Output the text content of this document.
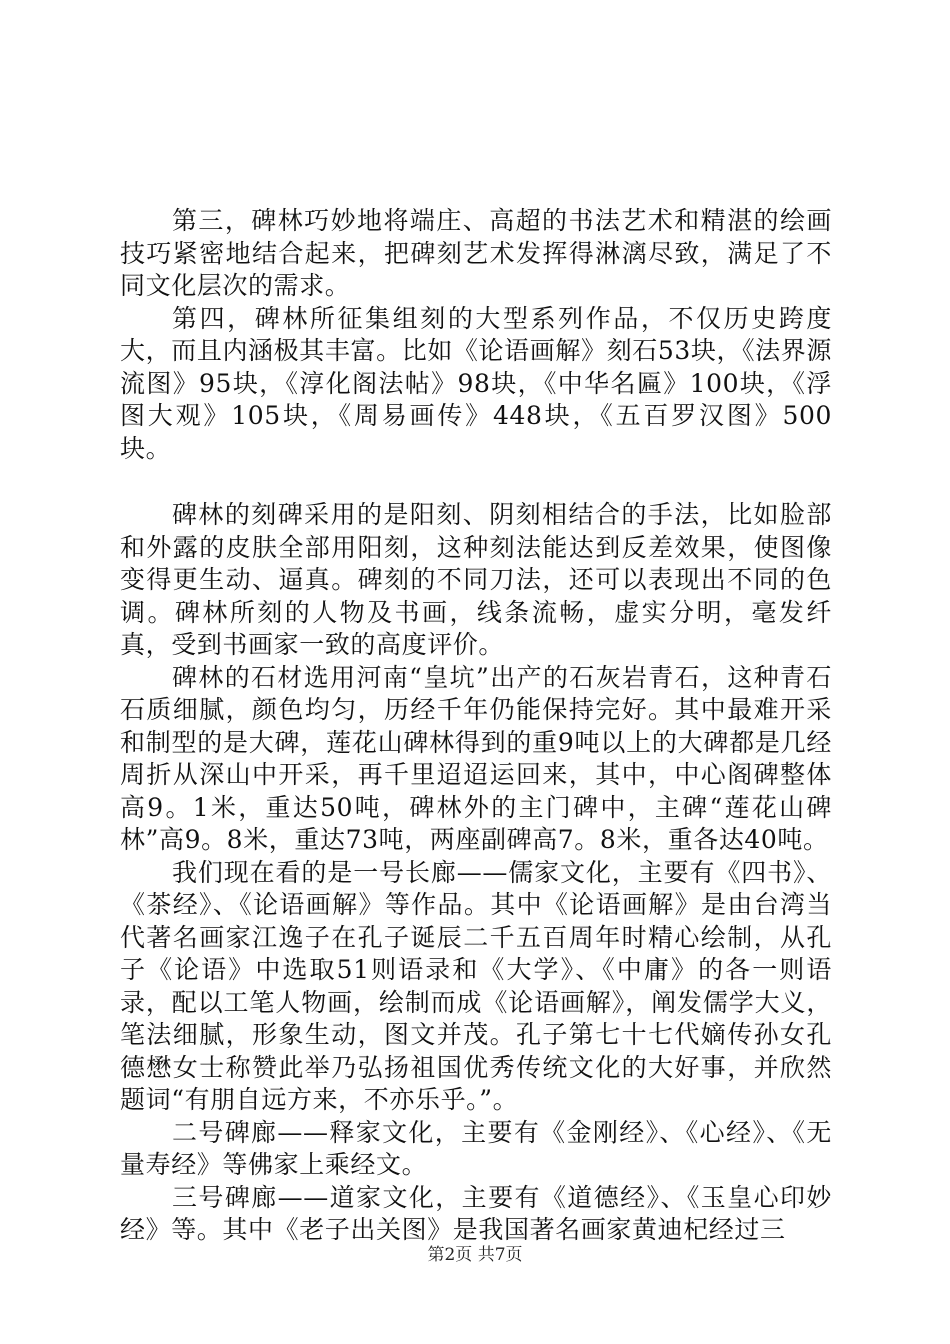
第三，碑林巧妙地将端庄、高超的书法艺术和精湛的绘画技巧紧密地结合起来，把碑刻艺术发挥得淋漓尽致，满足了不同文化层次的需求。

第四，碑林所征集组刻的大型系列作品，不仅历史跨度大，而且内涵极其丰富。比如《论语画解》刻石53块，《法界源流图》95块，《淳化阁法帖》98块，《中华名匾》100块，《浮图大观》105块，《周易画传》448块，《五百罗汉图》500块。

碑林的刻碑采用的是阳刻、阴刻相结合的手法，比如脸部和外露的皮肤全部用阳刻，这种刻法能达到反差效果，使图像变得更生动、逼真。碑刻的不同刀法，还可以表现出不同的色调。碑林所刻的人物及书画，线条流畅，虚实分明，毫发纤真，受到书画家一致的高度评价。

碑林的石材选用河南“皇坑”出产的石灰岩青石，这种青石石质细腻，颜色均匀，历经千年仍能保持完好。其中最难开采和制型的是大碑，莲花山碑林得到的重9吨以上的大碑都是几经周折从深山中开采，再千里迢迢运回来，其中，中心阁碑整体高9。1米，重达50吨，碑林外的主门碑中，主碑“莲花山碑林”高9。8米，重达73吨，两座副碑高7。8米，重各达40吨。

我们现在看的是一号长廊——儒家文化，主要有《四书》、《茶经》、《论语画解》等作品。其中《论语画解》是由台湾当代著名画家江逸子在孔子诞辰二千五百周年时精心绘制，从孔子《论语》中选取51则语录和《大学》、《中庸》的各一则语录，配以工笔人物画，绘制而成《论语画解》，阐发儒学大义，笔法细腻，形象生动，图文并茂。孔子第七十七代嫡传孙女孔德懋女士称赞此举乃弘扬祖国优秀传统文化的大好事，并欣然题词“有朋自远方来，不亦乐乎。”。

二号碑廊——释家文化，主要有《金刚经》、《心经》、《无量寿经》等佛家上乘经文。

三号碑廊——道家文化，主要有《道德经》、《玉皇心印妙经》等。其中《老子出关图》是我国著名画家黄迪杞经过三

第2页 共7页
